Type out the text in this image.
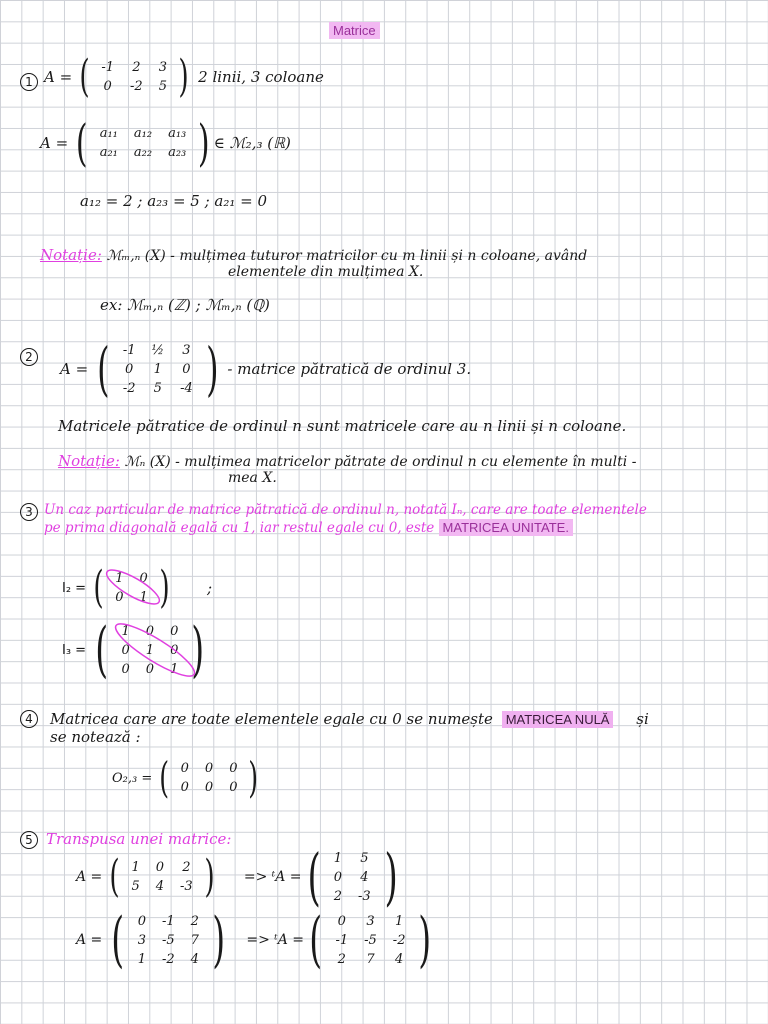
Matrice
1 A = ( -1	2	3
0	-2	5 ) 2 linii, 3 coloane
A = ( a₁₁	a₁₂	a₁₃
a₂₁	a₂₂	a₂₃ ) ∈ ℳ₂,₃ (ℝ)
a₁₂ = 2 ; a₂₃ = 5 ; a₂₁ = 0
Notație: ℳₘ,ₙ (X) - mulțimea tuturor matricilor cu m linii și n coloane, având
elementele din mulțimea X.
ex: ℳₘ,ₙ (ℤ) ; ℳₘ,ₙ (ℚ)
2
A = ( -1	½	3
0	1	0
-2	5	-4 ) - matrice pătratică de ordinul 3.
Matricele pătratice de ordinul n sunt matricele care au n linii și n coloane.
Notație: ℳₙ (X) - mulțimea matricelor pătrate de ordinul n cu elemente în multi -
mea X.
3 Un caz particular de matrice pătratică de ordinul n, notată Iₙ, care are toate elementele
pe prima diagonală egală cu 1, iar restul egale cu 0, este MATRICEA UNITATE.
I₂ = ( 1	0
0	1 ) ;
I₃ = ( 1	0	0
0	1	0
0	0	1 )
4	Matricea care are toate elementele egale cu 0 se numește MATRICEA NULĂ și
se notează :
O₂,₃ = ( 0	0	0
0	0	0 )
5 Transpusa unei matrice:
A = ( 1	0	2
5	4	-3 ) => ᵗA = ( 1	5
0	4
2	-3 )
A = ( 0	-1	2
3	-5	7
1	-2	4 ) => ᵗA = ( 0	3	1
-1	-5	-2
2	7	4 )
